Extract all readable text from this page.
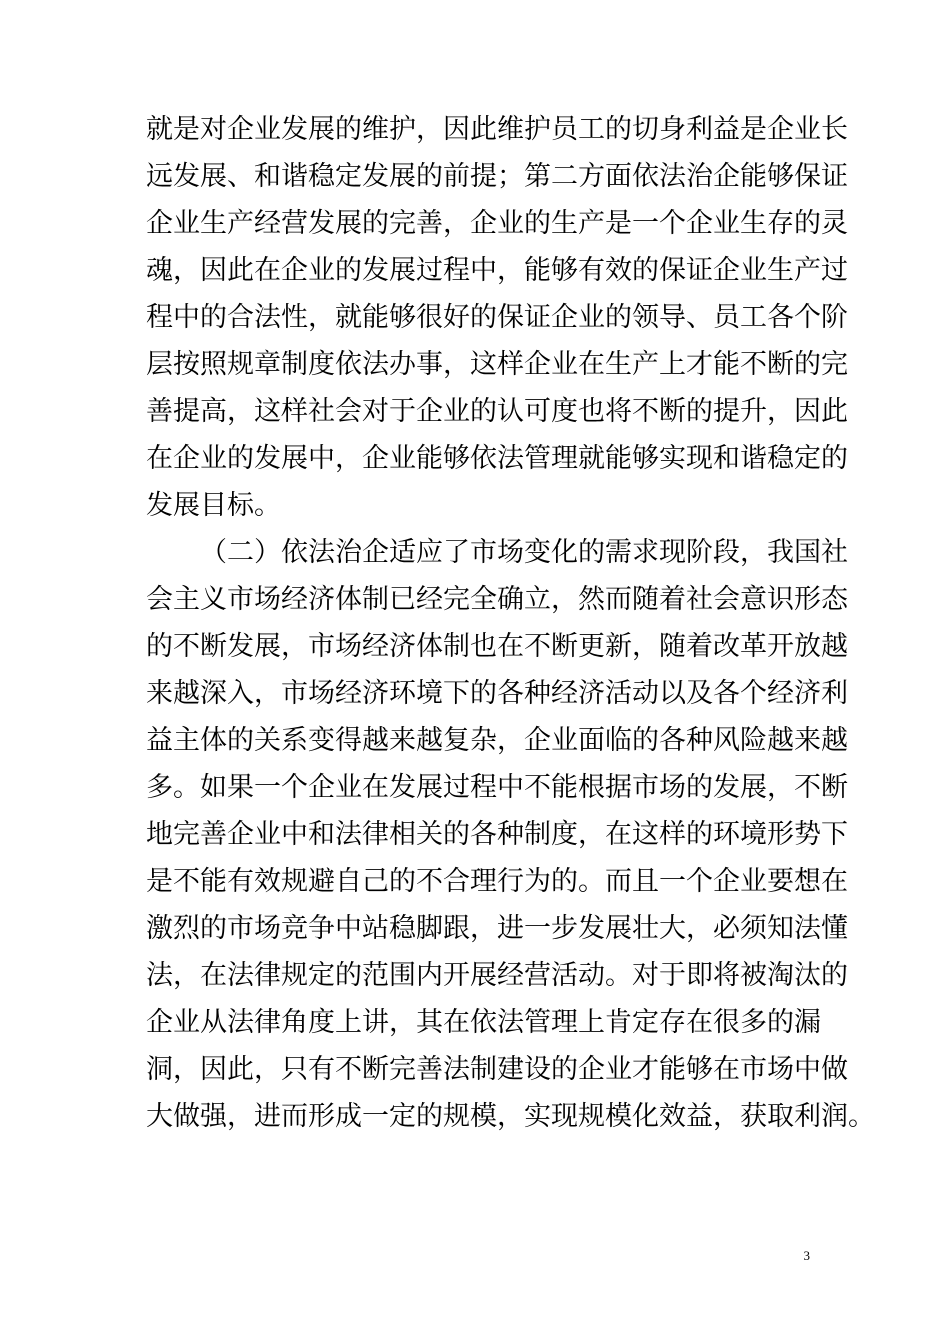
就是对企业发展的维护，因此维护员工的切身利益是企业长
远发展、和谐稳定发展的前提；第二方面依法治企能够保证
企业生产经营发展的完善，企业的生产是一个企业生存的灵
魂，因此在企业的发展过程中，能够有效的保证企业生产过
程中的合法性，就能够很好的保证企业的领导、员工各个阶
层按照规章制度依法办事，这样企业在生产上才能不断的完
善提高，这样社会对于企业的认可度也将不断的提升，因此
在企业的发展中，企业能够依法管理就能够实现和谐稳定的
发展目标。
（二）依法治企适应了市场变化的需求现阶段，我国社
会主义市场经济体制已经完全确立，然而随着社会意识形态
的不断发展，市场经济体制也在不断更新，随着改革开放越
来越深入，市场经济环境下的各种经济活动以及各个经济利
益主体的关系变得越来越复杂，企业面临的各种风险越来越
多。如果一个企业在发展过程中不能根据市场的发展，不断
地完善企业中和法律相关的各种制度，在这样的环境形势下
是不能有效规避自己的不合理行为的。而且一个企业要想在
激烈的市场竞争中站稳脚跟，进一步发展壮大，必须知法懂
法，在法律规定的范围内开展经营活动。对于即将被淘汰的
企业从法律角度上讲，其在依法管理上肯定存在很多的漏
洞，因此，只有不断完善法制建设的企业才能够在市场中做
大做强，进而形成一定的规模，实现规模化效益，获取利润。
3
